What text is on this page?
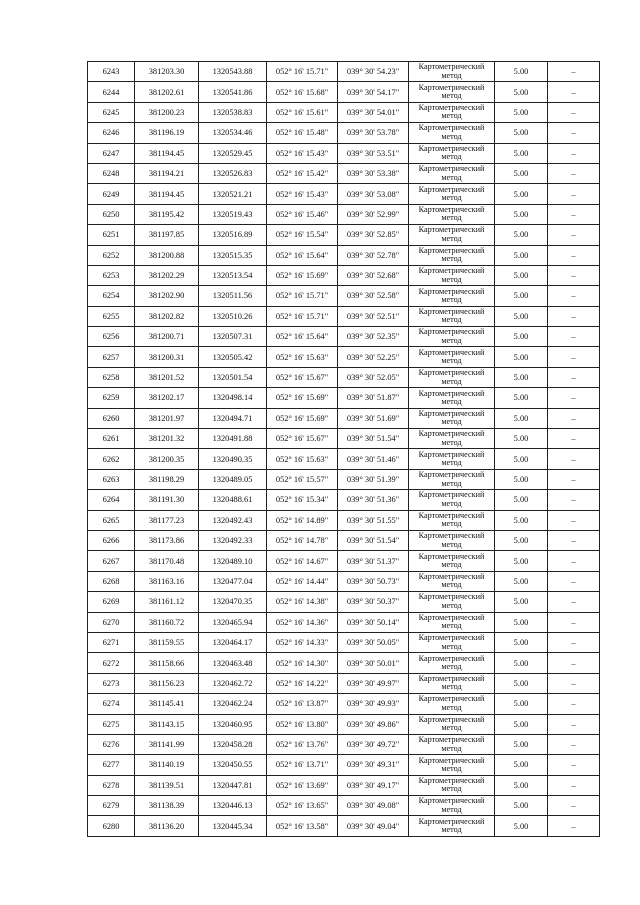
6243	381203.30	1320543.88	052° 16' 15.71"	039° 30' 54.23"	Картометрический метод	5.00	–
6244	381202.61	1320541.86	052° 16' 15.68"	039° 30' 54.17"	Картометрический метод	5.00	–
6245	381200.23	1320538.83	052° 16' 15.61"	039° 30' 54.01"	Картометрический метод	5.00	–
6246	381196.19	1320534.46	052° 16' 15.48"	039° 30' 53.78"	Картометрический метод	5.00	–
6247	381194.45	1320529.45	052° 16' 15.43"	039° 30' 53.51"	Картометрический метод	5.00	–
6248	381194.21	1320526.83	052° 16' 15.42"	039° 30' 53.38"	Картометрический метод	5.00	–
6249	381194.45	1320521.21	052° 16' 15.43"	039° 30' 53.08"	Картометрический метод	5.00	–
6250	381195.42	1320519.43	052° 16' 15.46"	039° 30' 52.99"	Картометрический метод	5.00	–
6251	381197.85	1320516.89	052° 16' 15.54"	039° 30' 52.85"	Картометрический метод	5.00	–
6252	381200.88	1320515.35	052° 16' 15.64"	039° 30' 52.78"	Картометрический метод	5.00	–
6253	381202.29	1320513.54	052° 16' 15.69"	039° 30' 52.68"	Картометрический метод	5.00	–
6254	381202.90	1320511.56	052° 16' 15.71"	039° 30' 52.58"	Картометрический метод	5.00	–
6255	381202.82	1320510.26	052° 16' 15.71"	039° 30' 52.51"	Картометрический метод	5.00	–
6256	381200.71	1320507.31	052° 16' 15.64"	039° 30' 52.35"	Картометрический метод	5.00	–
6257	381200.31	1320505.42	052° 16' 15.63"	039° 30' 52.25"	Картометрический метод	5.00	–
6258	381201.52	1320501.54	052° 16' 15.67"	039° 30' 52.05"	Картометрический метод	5.00	–
6259	381202.17	1320498.14	052° 16' 15.69"	039° 30' 51.87"	Картометрический метод	5.00	–
6260	381201.97	1320494.71	052° 16' 15.69"	039° 30' 51.69"	Картометрический метод	5.00	–
6261	381201.32	1320491.88	052° 16' 15.67"	039° 30' 51.54"	Картометрический метод	5.00	–
6262	381200.35	1320490.35	052° 16' 15.63"	039° 30' 51.46"	Картометрический метод	5.00	–
6263	381198.29	1320489.05	052° 16' 15.57"	039° 30' 51.39"	Картометрический метод	5.00	–
6264	381191.30	1320488.61	052° 16' 15.34"	039° 30' 51.36"	Картометрический метод	5.00	–
6265	381177.23	1320492.43	052° 16' 14.89"	039° 30' 51.55"	Картометрический метод	5.00	–
6266	381173.86	1320492.33	052° 16' 14.78"	039° 30' 51.54"	Картометрический метод	5.00	–
6267	381170.48	1320489.10	052° 16' 14.67"	039° 30' 51.37"	Картометрический метод	5.00	–
6268	381163.16	1320477.04	052° 16' 14.44"	039° 30' 50.73"	Картометрический метод	5.00	–
6269	381161.12	1320470.35	052° 16' 14.38"	039° 30' 50.37"	Картометрический метод	5.00	–
6270	381160.72	1320465.94	052° 16' 14.36"	039° 30' 50.14"	Картометрический метод	5.00	–
6271	381159.55	1320464.17	052° 16' 14.33"	039° 30' 50.05"	Картометрический метод	5.00	–
6272	381158.66	1320463.48	052° 16' 14.30"	039° 30' 50.01"	Картометрический метод	5.00	–
6273	381156.23	1320462.72	052° 16' 14.22"	039° 30' 49.97"	Картометрический метод	5.00	–
6274	381145.41	1320462.24	052° 16' 13.87"	039° 30' 49.93"	Картометрический метод	5.00	–
6275	381143.15	1320460.95	052° 16' 13.80"	039° 30' 49.86"	Картометрический метод	5.00	–
6276	381141.99	1320458.28	052° 16' 13.76"	039° 30' 49.72"	Картометрический метод	5.00	–
6277	381140.19	1320450.55	052° 16' 13.71"	039° 30' 49.31"	Картометрический метод	5.00	–
6278	381139.51	1320447.81	052° 16' 13.69"	039° 30' 49.17"	Картометрический метод	5.00	–
6279	381138.39	1320446.13	052° 16' 13.65"	039° 30' 49.08"	Картометрический метод	5.00	–
6280	381136.20	1320445.34	052° 16' 13.58"	039° 30' 49.04"	Картометрический метод	5.00	–
